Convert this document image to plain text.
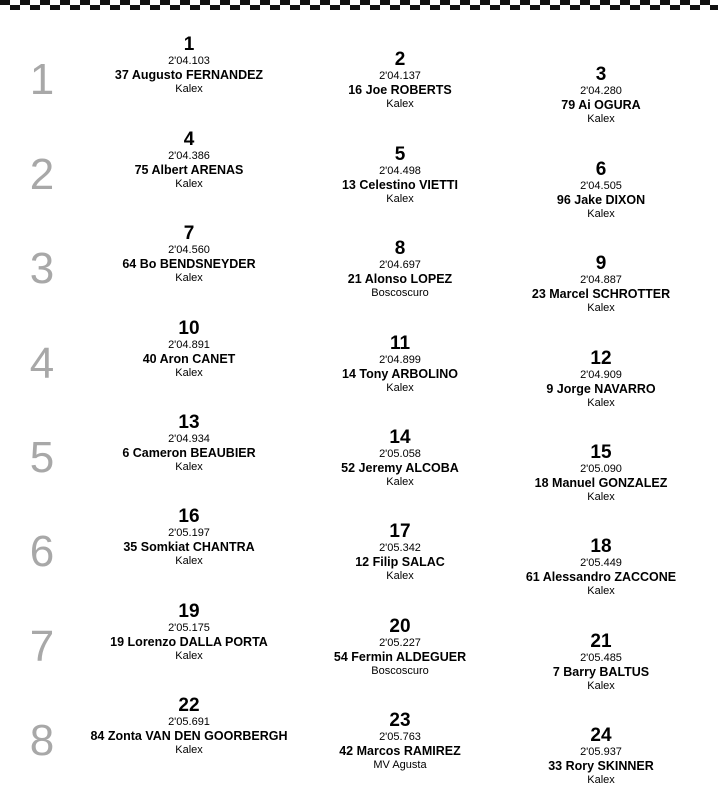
1
1
2'04.103
37 Augusto FERNANDEZ
Kalex
2
2'04.137
16 Joe ROBERTS
Kalex
3
2'04.280
79 Ai OGURA
Kalex
2
4
2'04.386
75 Albert ARENAS
Kalex
5
2'04.498
13 Celestino VIETTI
Kalex
6
2'04.505
96 Jake DIXON
Kalex
3
7
2'04.560
64 Bo BENDSNEYDER
Kalex
8
2'04.697
21 Alonso LOPEZ
Boscoscuro
9
2'04.887
23 Marcel SCHROTTER
Kalex
4
10
2'04.891
40 Aron CANET
Kalex
11
2'04.899
14 Tony ARBOLINO
Kalex
12
2'04.909
9 Jorge NAVARRO
Kalex
5
13
2'04.934
6 Cameron BEAUBIER
Kalex
14
2'05.058
52 Jeremy ALCOBA
Kalex
15
2'05.090
18 Manuel GONZALEZ
Kalex
6
16
2'05.197
35 Somkiat CHANTRA
Kalex
17
2'05.342
12 Filip SALAC
Kalex
18
2'05.449
61 Alessandro ZACCONE
Kalex
7
19
2'05.175
19 Lorenzo DALLA PORTA
Kalex
20
2'05.227
54 Fermin ALDEGUER
Boscoscuro
21
2'05.485
7 Barry BALTUS
Kalex
8
22
2'05.691
84 Zonta VAN DEN GOORBERGH
Kalex
23
2'05.763
42 Marcos RAMIREZ
MV Agusta
24
2'05.937
33 Rory SKINNER
Kalex
